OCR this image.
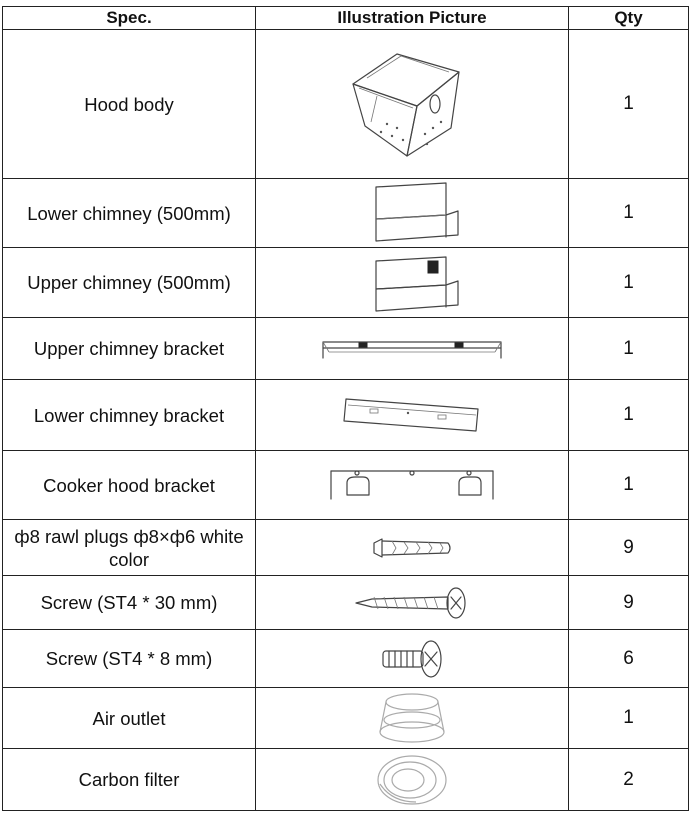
Spec.	Illustration Picture	Qty
Hood body		1
Lower chimney (500mm)		1
Upper chimney (500mm)		1
Upper chimney bracket		1
Lower chimney bracket		1
Cooker hood bracket		1
ф8 rawl plugs ф8×ф6 white color		9
Screw (ST4 * 30 mm)		9
Screw (ST4 * 8 mm)		6
Air outlet		1
Carbon filter		2
